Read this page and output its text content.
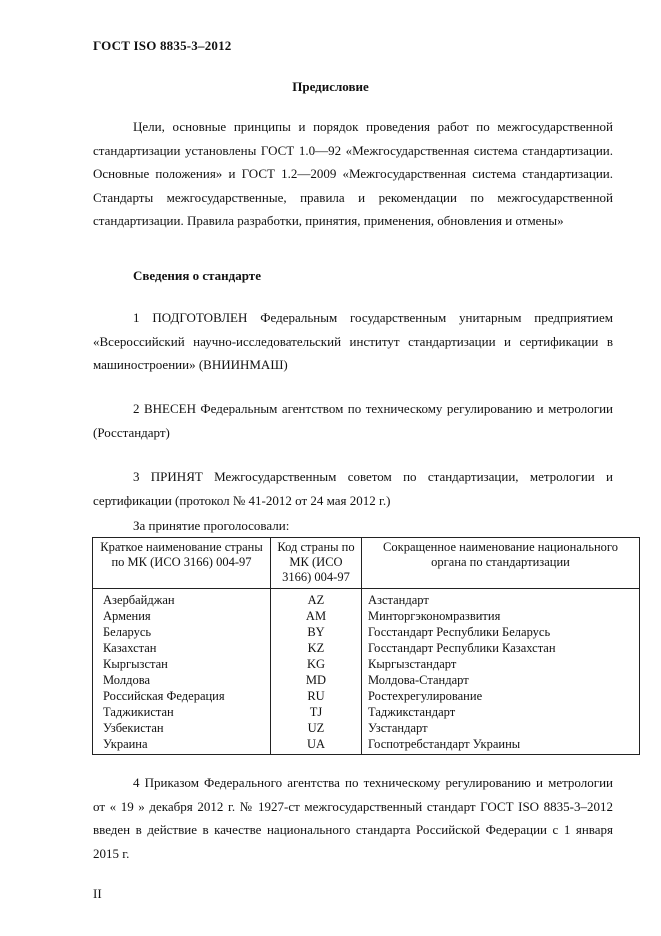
ГОСТ ISO 8835-3–2012
Предисловие
Цели, основные принципы и порядок проведения работ по межгосударственной стандартизации установлены ГОСТ 1.0—92 «Межгосударственная система стандартизации. Основные положения» и ГОСТ 1.2—2009 «Межгосударственная система стандартизации. Стандарты межгосударственные, правила и рекомендации по межгосударственной стандартизации. Правила разработки, принятия, применения, обновления и отмены»
Сведения о стандарте
1 ПОДГОТОВЛЕН Федеральным государственным унитарным предприятием «Всероссийский научно-исследовательский институт стандартизации и сертификации в машиностроении» (ВНИИНМАШ)
2 ВНЕСЕН Федеральным агентством по техническому регулированию и метрологии (Росстандарт)
3 ПРИНЯТ Межгосударственным советом по стандартизации, метрологии и сертификации (протокол № 41-2012 от 24 мая 2012 г.)
За принятие проголосовали:
Краткое наименование страны по МК (ИСО 3166) 004-97	Код страны по МК (ИСО 3166) 004-97	Сокращенное наименование национального органа по стандартизации
Азербайджан	AZ	Азстандарт
Армения	AM	Минторгэкономразвития
Беларусь	BY	Госстандарт Республики Беларусь
Казахстан	KZ	Госстандарт Республики Казахстан
Кыргызстан	KG	Кыргызстандарт
Молдова	MD	Молдова-Стандарт
Российская Федерация	RU	Ростехрегулирование
Таджикистан	TJ	Таджикстандарт
Узбекистан	UZ	Узстандарт
Украина	UA	Госпотребстандарт Украины
4 Приказом Федерального агентства по техническому регулированию и метрологии от « 19 » декабря 2012 г. № 1927-ст межгосударственный стандарт ГОСТ ISO 8835-3–2012 введен в действие в качестве национального стандарта Российской Федерации с 1 января 2015 г.
II
